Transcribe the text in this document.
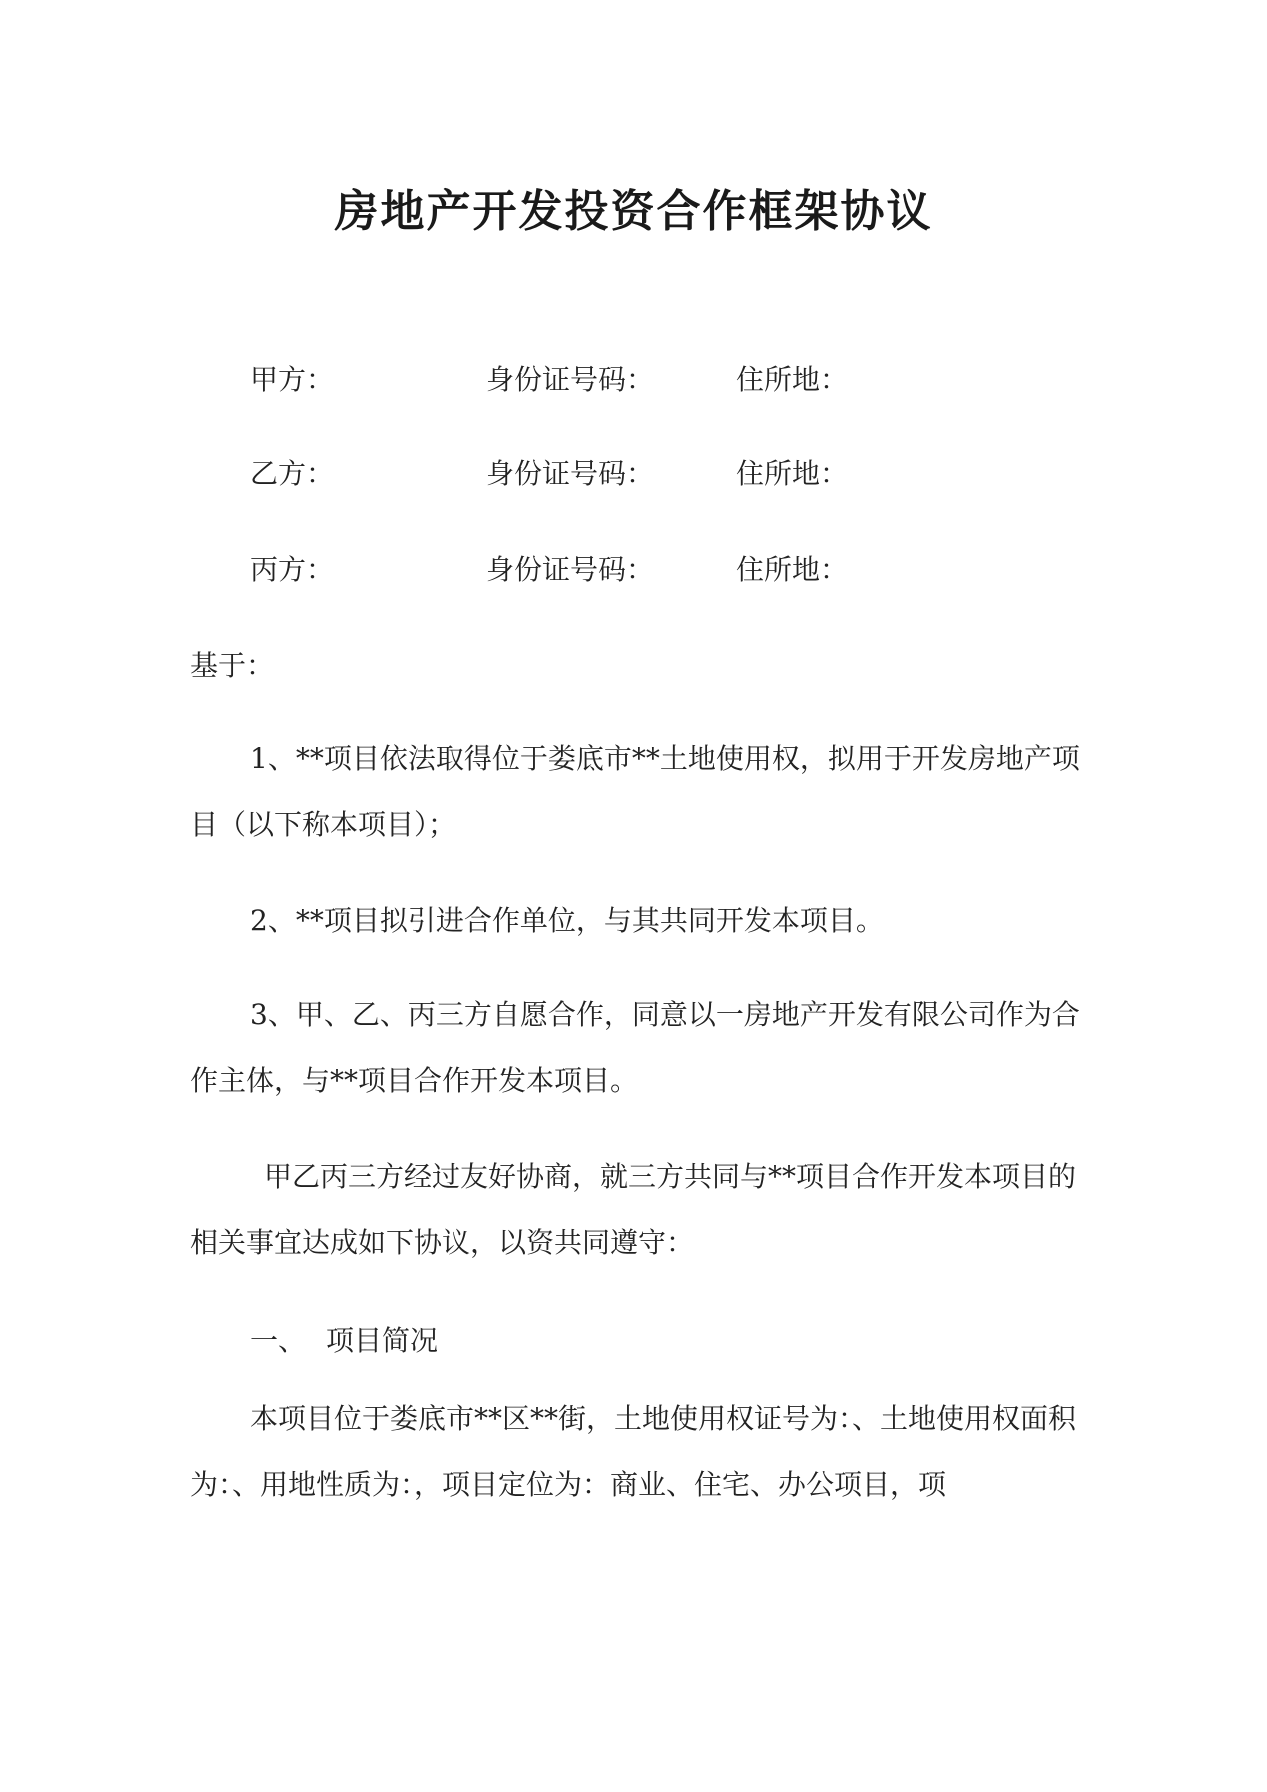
房地产开发投资合作框架协议
甲方：	身份证号码：	住所地：
乙方：	身份证号码：	住所地：
丙方：	身份证号码：	住所地：
基于：
1、**项目依法取得位于娄底市**土地使用权，拟用于开发房地产项目（以下称本项目）；
2、**项目拟引进合作单位，与其共同开发本项目。
3、甲、乙、丙三方自愿合作，同意以一房地产开发有限公司作为合作主体，与**项目合作开发本项目。
甲乙丙三方经过友好协商，就三方共同与**项目合作开发本项目的相关事宜达成如下协议，以资共同遵守：
一、 项目简况
本项目位于娄底市**区**街，土地使用权证号为：、土地使用权面积为：、用地性质为：，项目定位为：商业、住宅、办公项目，项
